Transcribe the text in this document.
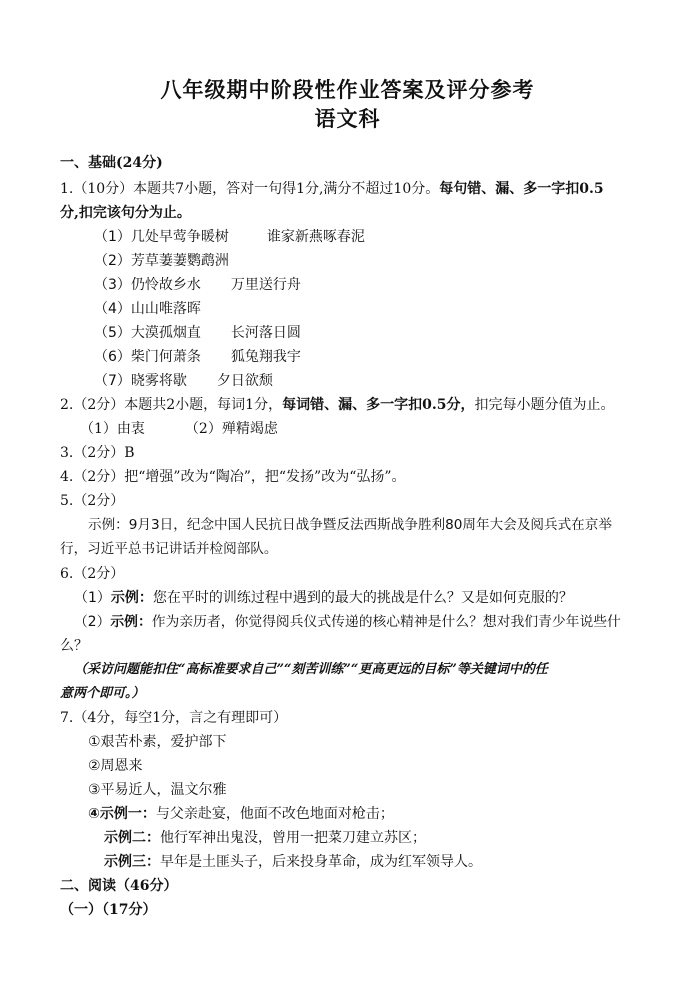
八年级期中阶段性作业答案及评分参考
语文科
一、基础(24分)
1.（10分）本题共7小题，答对一句得1分,满分不超过10分。每句错、漏、多一字扣0.5
分,扣完该句分为止。
（1）几处早莺争暖树	谁家新燕啄春泥
（2）芳草萋萋鹦鹉洲
（3）仍怜故乡水 万里送行舟
（4）山山唯落晖
（5）大漠孤烟直 长河落日圆
（6）柴门何萧条 狐兔翔我宇
（7）晓雾将歇 夕日欲颓
2.（2分）本题共2小题，每词1分，每词错、漏、多一字扣0.5分，扣完每小题分值为止。
（1）由衷	（2）殚精竭虑
3.（2分）B
4.（2分）把“增强”改为“陶冶”，把“发扬”改为“弘扬”。
5.（2分）
示例：9月3日，纪念中国人民抗日战争暨反法西斯战争胜利80周年大会及阅兵式在京举
行，习近平总书记讲话并检阅部队。
6.（2分）
（1）示例：您在平时的训练过程中遇到的最大的挑战是什么？又是如何克服的？
（2）示例：作为亲历者，你觉得阅兵仪式传递的核心精神是什么？想对我们青少年说些什
么？
（采访问题能扣住“高标准要求自己”“刻苦训练”“更高更远的目标”等关键词中的任
意两个即可。）
7.（4分，每空1分，言之有理即可）
①艰苦朴素，爱护部下
②周恩来
③平易近人，温文尔雅
④示例一：与父亲赴宴，他面不改色地面对枪击；
示例二：他行军神出鬼没，曾用一把菜刀建立苏区；
示例三：早年是土匪头子，后来投身革命，成为红军领导人。
二、阅读（46分）
（一）（17分）
